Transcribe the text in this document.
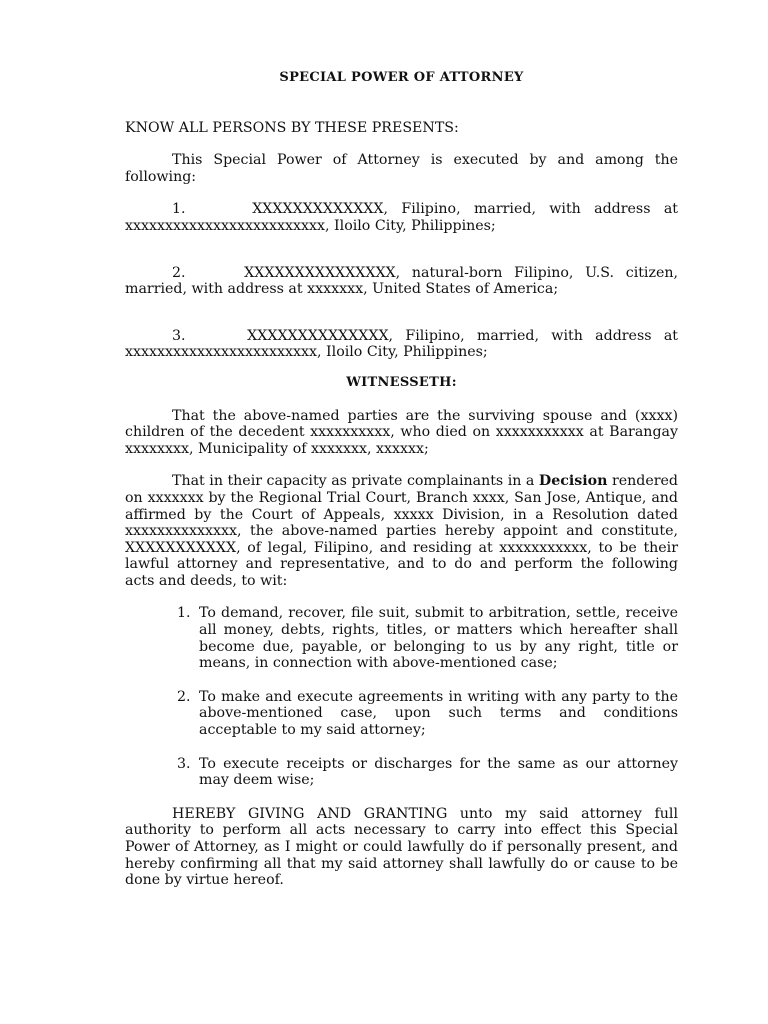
SPECIAL POWER OF ATTORNEY

KNOW ALL PERSONS BY THESE PRESENTS:

This Special Power of Attorney is executed by and among the following:

1.     XXXXXXXXXXXXX, Filipino, married, with address at xxxxxxxxxxxxxxxxxxxxxxxxx, Iloilo City, Philippines;

2.     XXXXXXXXXXXXXXX, natural-born Filipino, U.S. citizen, married, with address at xxxxxxx, United States of America;

3.     XXXXXXXXXXXXXX, Filipino, married, with address at xxxxxxxxxxxxxxxxxxxxxxxx, Iloilo City, Philippines;

WITNESSETH:

That the above-named parties are the surviving spouse and (xxxx) children of the decedent xxxxxxxxxx, who died on xxxxxxxxxxx at Barangay xxxxxxxx, Municipality of xxxxxxx, xxxxxx;

That in their capacity as private complainants in a Decision rendered on xxxxxxx by the Regional Trial Court, Branch xxxx, San Jose, Antique, and affirmed by the Court of Appeals, xxxxx Division, in a Resolution dated xxxxxxxxxxxxxx, the above-named parties hereby appoint and constitute, XXXXXXXXXXX, of legal, Filipino, and residing at xxxxxxxxxxx, to be their lawful attorney and representative, and to do and perform the following acts and deeds, to wit:

1. To demand, recover, file suit, submit to arbitration, settle, receive all money, debts, rights, titles, or matters which hereafter shall become due, payable, or belonging to us by any right, title or means, in connection with above-mentioned case;
2. To make and execute agreements in writing with any party to the above-mentioned case, upon such terms and conditions acceptable to my said attorney;
3. To execute receipts or discharges for the same as our attorney may deem wise;

HEREBY GIVING AND GRANTING unto my said attorney full authority to perform all acts necessary to carry into effect this Special Power of Attorney, as I might or could lawfully do if personally present, and hereby confirming all that my said attorney shall lawfully do or cause to be done by virtue hereof.
